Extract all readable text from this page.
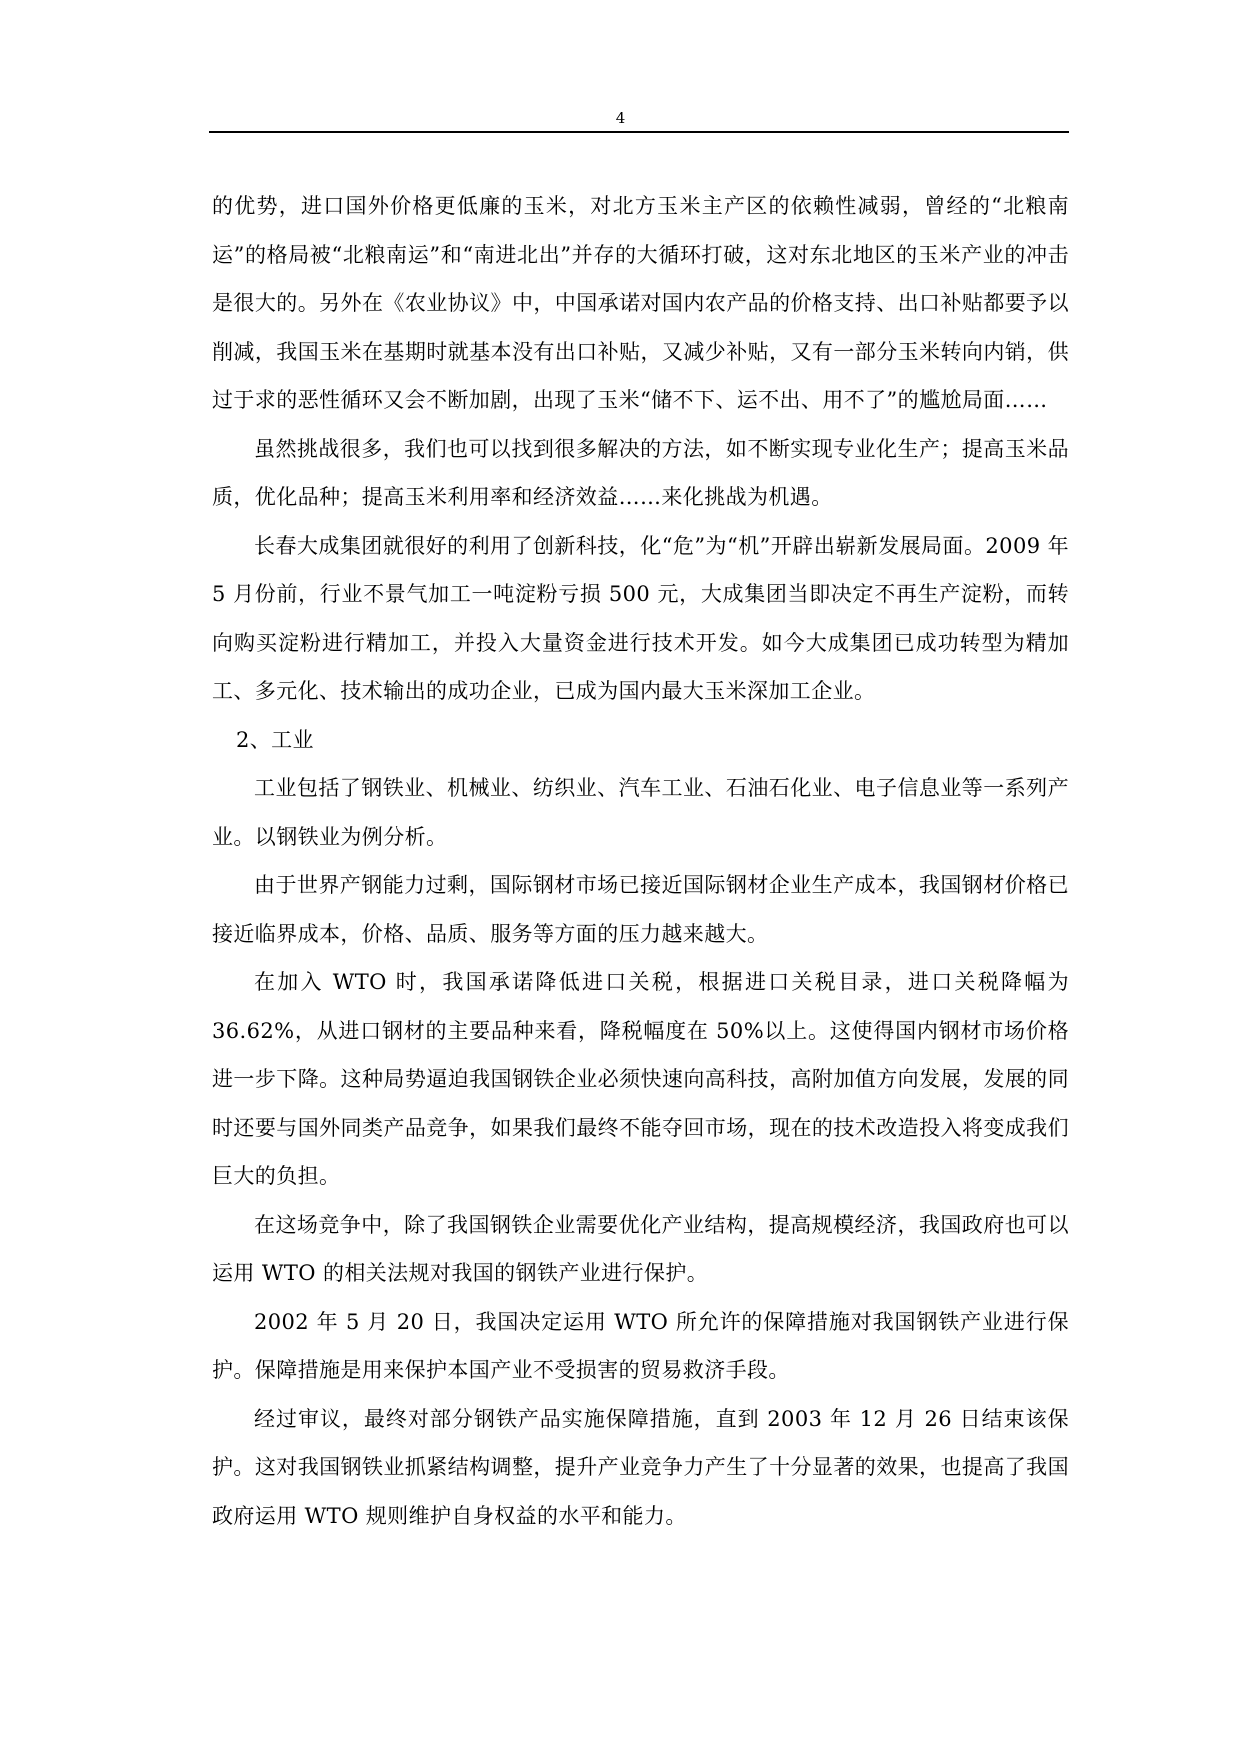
4

的优势，进口国外价格更低廉的玉米，对北方玉米主产区的依赖性减弱，曾经的“北粮南运”的格局被“北粮南运”和“南进北出”并存的大循环打破，这对东北地区的玉米产业的冲击是很大的。另外在《农业协议》中，中国承诺对国内农产品的价格支持、出口补贴都要予以削减，我国玉米在基期时就基本没有出口补贴，又减少补贴，又有一部分玉米转向内销，供过于求的恶性循环又会不断加剧，出现了玉米“储不下、运不出、用不了”的尴尬局面……

虽然挑战很多，我们也可以找到很多解决的方法，如不断实现专业化生产；提高玉米品质，优化品种；提高玉米利用率和经济效益……来化挑战为机遇。

长春大成集团就很好的利用了创新科技，化“危”为“机”开辟出崭新发展局面。2009 年 5 月份前，行业不景气加工一吨淀粉亏损 500 元，大成集团当即决定不再生产淀粉，而转向购买淀粉进行精加工，并投入大量资金进行技术开发。如今大成集团已成功转型为精加工、多元化、技术输出的成功企业，已成为国内最大玉米深加工企业。

2、工业

工业包括了钢铁业、机械业、纺织业、汽车工业、石油石化业、电子信息业等一系列产业。以钢铁业为例分析。

由于世界产钢能力过剩，国际钢材市场已接近国际钢材企业生产成本，我国钢材价格已接近临界成本，价格、品质、服务等方面的压力越来越大。

在加入 WTO 时，我国承诺降低进口关税，根据进口关税目录，进口关税降幅为 36.62%，从进口钢材的主要品种来看，降税幅度在 50%以上。这使得国内钢材市场价格进一步下降。这种局势逼迫我国钢铁企业必须快速向高科技，高附加值方向发展，发展的同时还要与国外同类产品竞争，如果我们最终不能夺回市场，现在的技术改造投入将变成我们巨大的负担。

在这场竞争中，除了我国钢铁企业需要优化产业结构，提高规模经济，我国政府也可以运用 WTO 的相关法规对我国的钢铁产业进行保护。

2002 年 5 月 20 日，我国决定运用 WTO 所允许的保障措施对我国钢铁产业进行保护。保障措施是用来保护本国产业不受损害的贸易救济手段。

经过审议，最终对部分钢铁产品实施保障措施，直到 2003 年 12 月 26 日结束该保护。这对我国钢铁业抓紧结构调整，提升产业竞争力产生了十分显著的效果，也提高了我国政府运用 WTO 规则维护自身权益的水平和能力。
